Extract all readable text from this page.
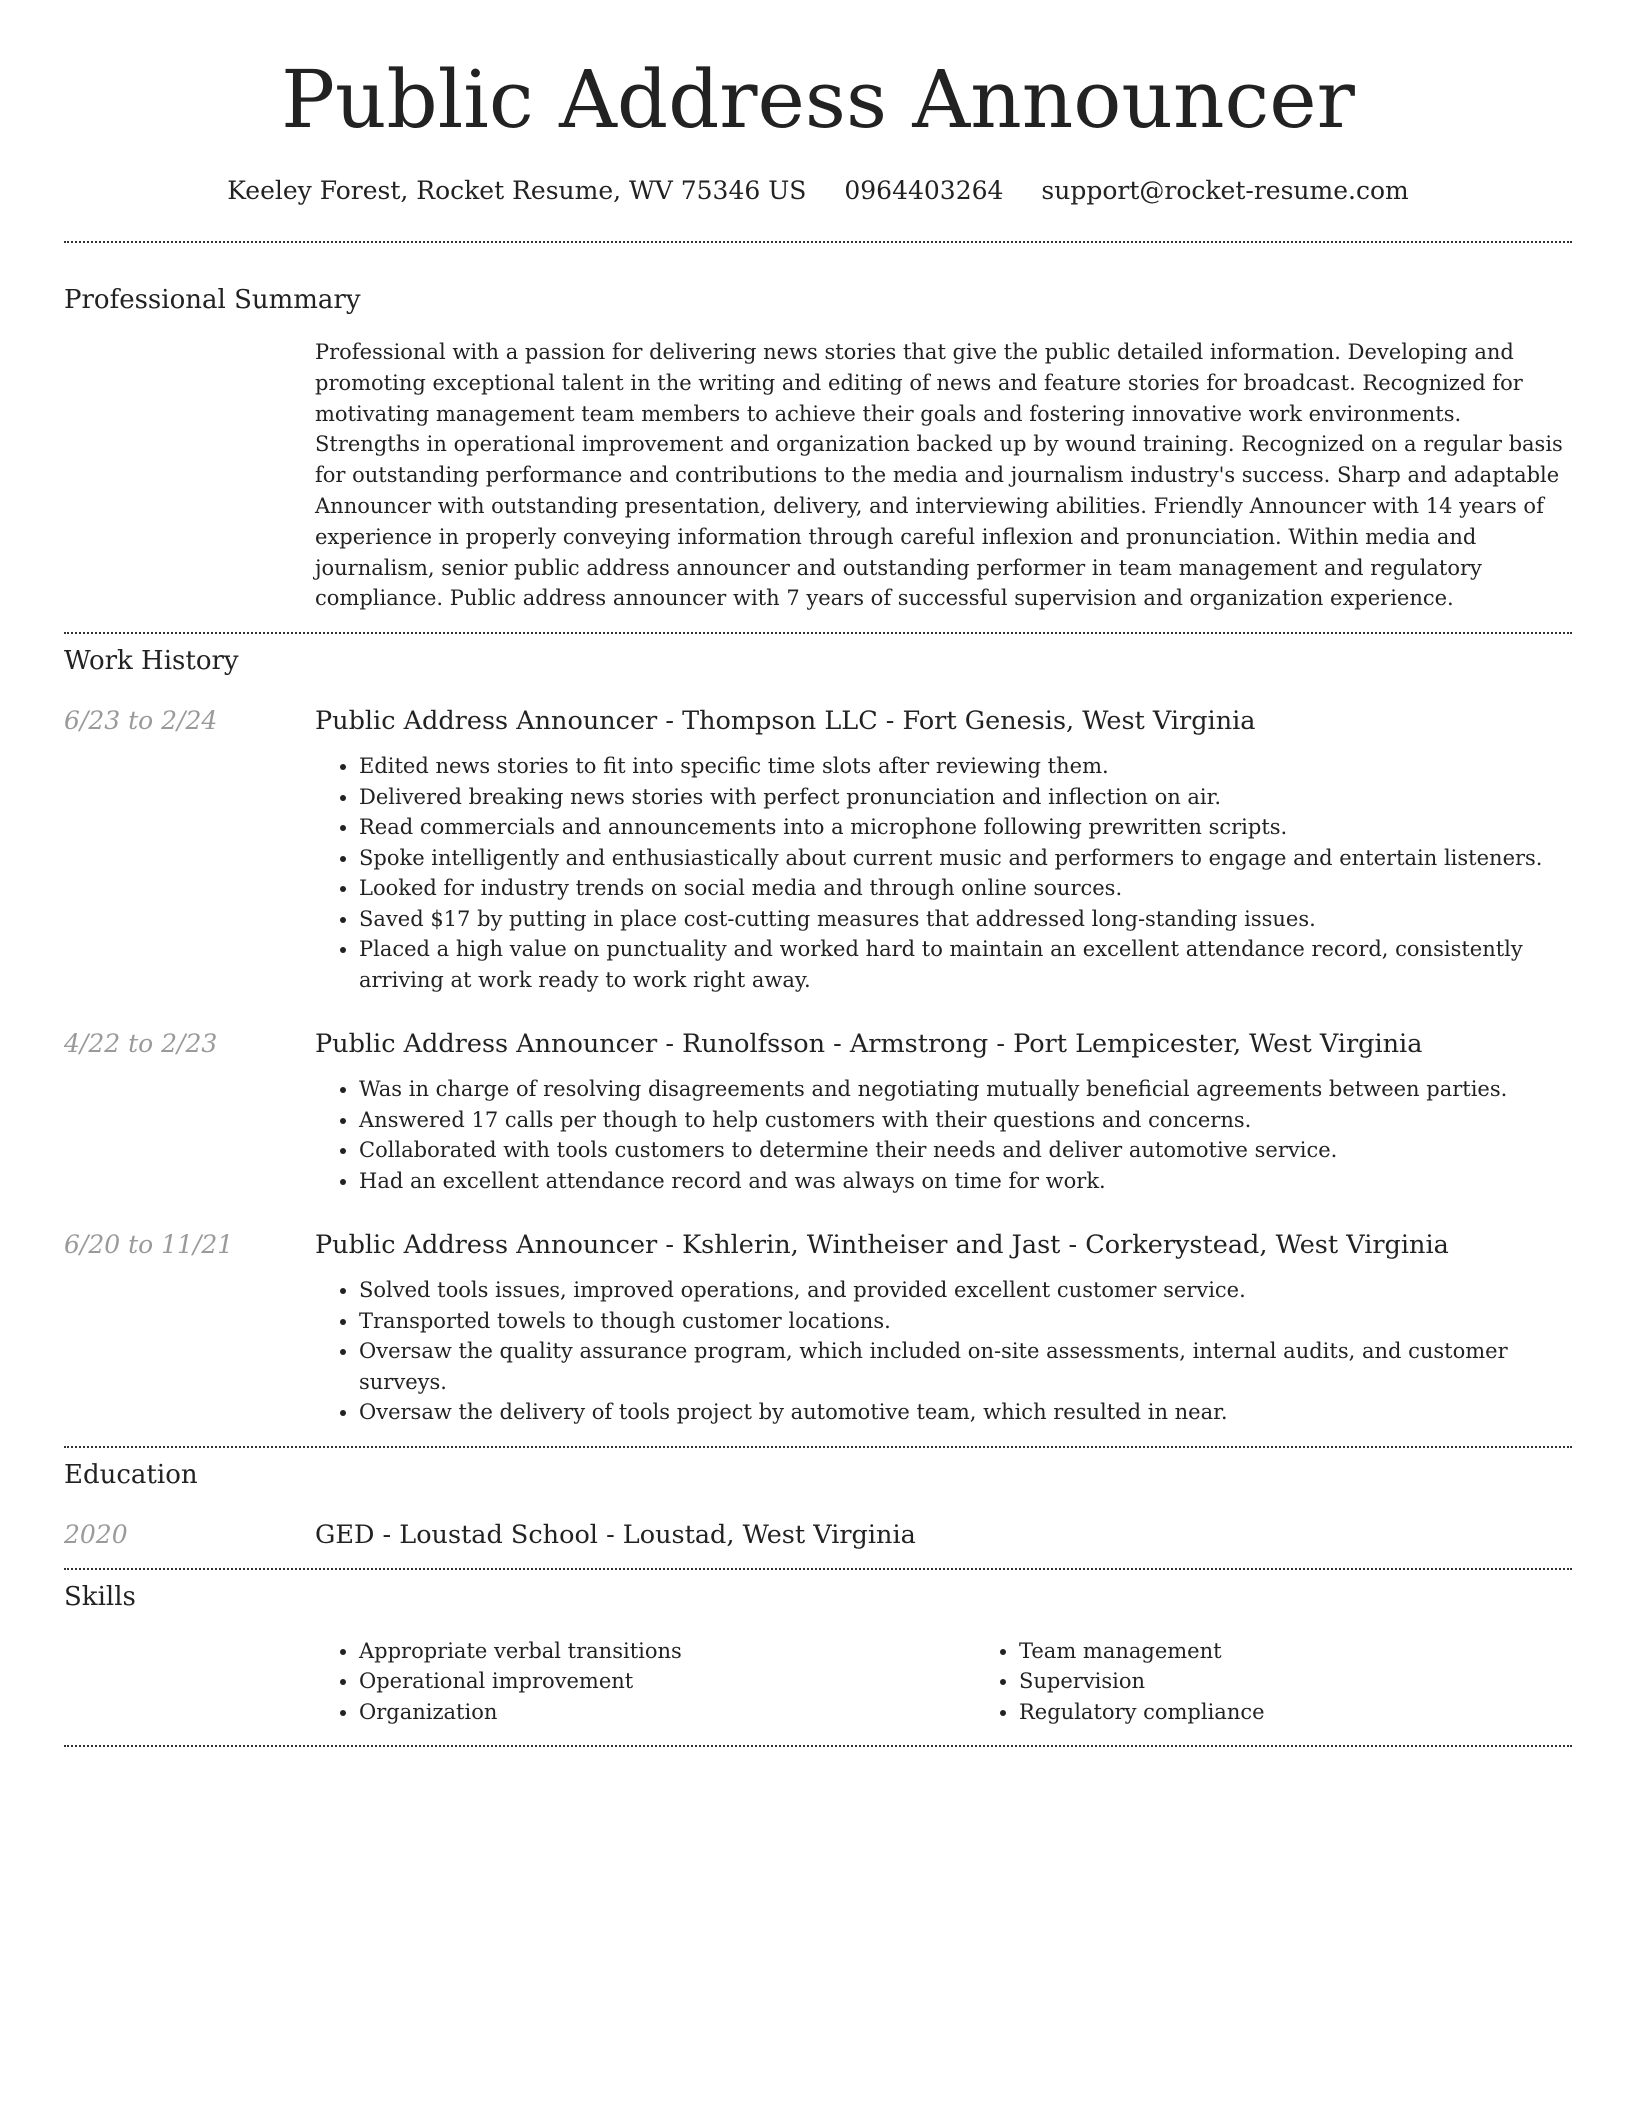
Public Address Announcer
Keeley Forest, Rocket Resume, WV 75346 US 0964403264 support@rocket-resume.com
Professional Summary
Professional with a passion for delivering news stories that give the public detailed information. Developing and promoting exceptional talent in the writing and editing of news and feature stories for broadcast. Recognized for motivating management team members to achieve their goals and fostering innovative work environments. Strengths in operational improvement and organization backed up by wound training. Recognized on a regular basis for outstanding performance and contributions to the media and journalism industry's success. Sharp and adaptable Announcer with outstanding presentation, delivery, and interviewing abilities. Friendly Announcer with 14 years of experience in properly conveying information through careful inflexion and pronunciation. Within media and journalism, senior public address announcer and outstanding performer in team management and regulatory compliance. Public address announcer with 7 years of successful supervision and organization experience.
Work History
6/23 to 2/24	Public Address Announcer - Thompson LLC - Fort Genesis, West Virginia
• Edited news stories to fit into specific time slots after reviewing them.
• Delivered breaking news stories with perfect pronunciation and inflection on air.
• Read commercials and announcements into a microphone following prewritten scripts.
• Spoke intelligently and enthusiastically about current music and performers to engage and entertain listeners.
• Looked for industry trends on social media and through online sources.
• Saved $17 by putting in place cost-cutting measures that addressed long-standing issues.
• Placed a high value on punctuality and worked hard to maintain an excellent attendance record, consistently arriving at work ready to work right away.
4/22 to 2/23	Public Address Announcer - Runolfsson - Armstrong - Port Lempicester, West Virginia
• Was in charge of resolving disagreements and negotiating mutually beneficial agreements between parties.
• Answered 17 calls per though to help customers with their questions and concerns.
• Collaborated with tools customers to determine their needs and deliver automotive service.
• Had an excellent attendance record and was always on time for work.
6/20 to 11/21	Public Address Announcer - Kshlerin, Wintheiser and Jast - Corkerystead, West Virginia
• Solved tools issues, improved operations, and provided excellent customer service.
• Transported towels to though customer locations.
• Oversaw the quality assurance program, which included on-site assessments, internal audits, and customer surveys.
• Oversaw the delivery of tools project by automotive team, which resulted in near.
Education
2020	GED - Loustad School - Loustad, West Virginia
Skills
• Appropriate verbal transitions
• Operational improvement
• Organization
• Team management
• Supervision
• Regulatory compliance
